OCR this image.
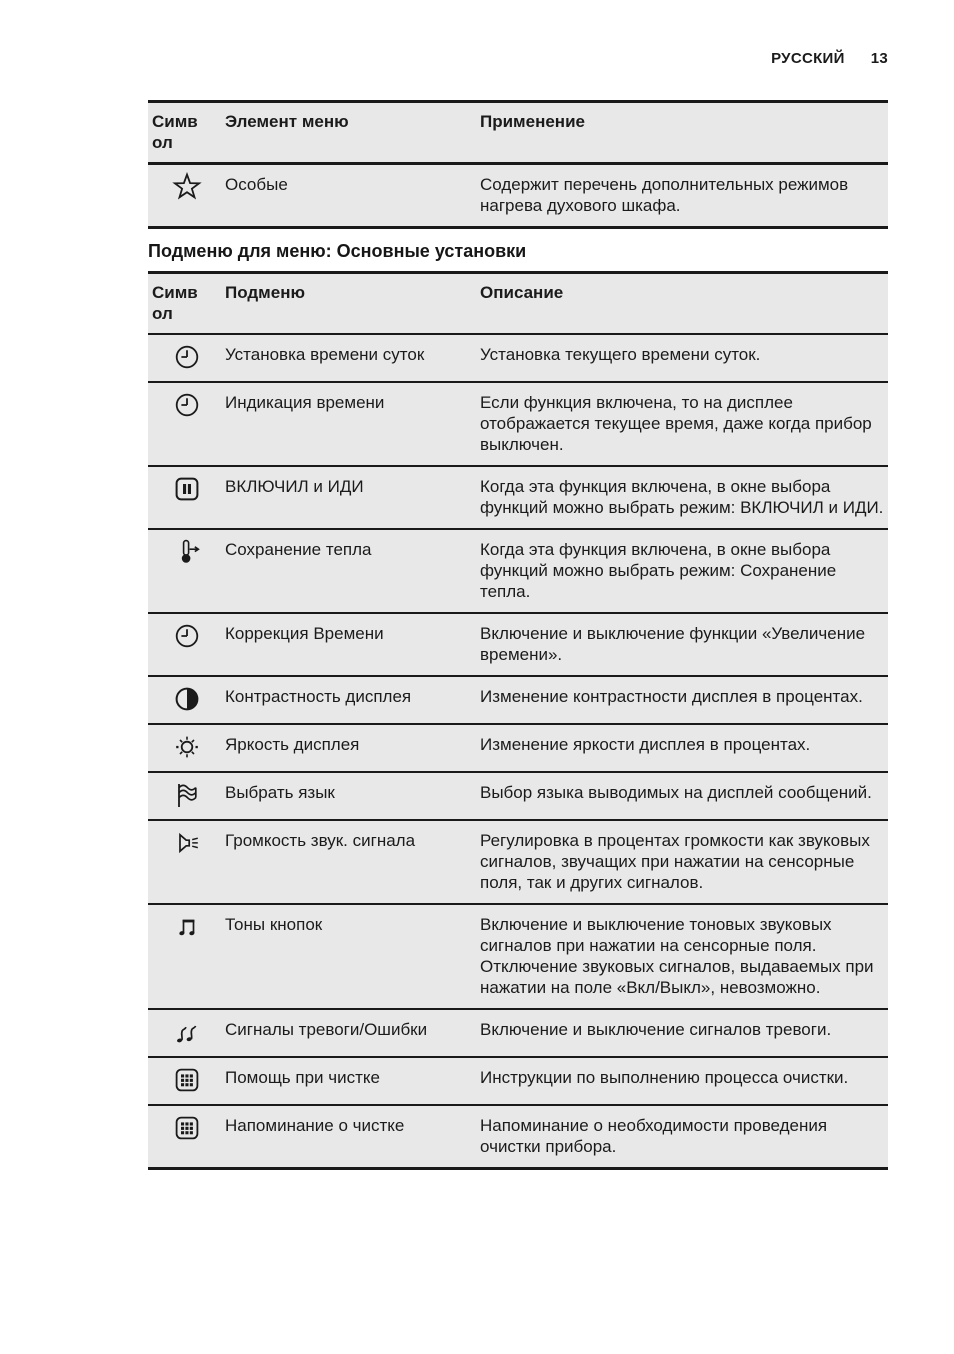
РУССКИЙ 13
Симв ол	Элемент меню	Применение
	Особые	Содержит перечень дополнительных режимов нагрева духового шкафа.
Подменю для меню: Основные установки
Симв ол	Подменю	Описание
	Установка времени суток	Установка текущего времени суток.
	Индикация времени	Если функция включена, то на дисплее отображается текущее время, даже когда прибор выключен.
	ВКЛЮЧИЛ и ИДИ	Когда эта функция включена, в окне выбора функций можно выбрать режим: ВКЛЮЧИЛ и ИДИ.
	Сохранение тепла	Когда эта функция включена, в окне выбора функций можно выбрать режим: Сохранение тепла.
	Коррекция Времени	Включение и выключение функции «Увеличение времени».
	Контрастность дисплея	Изменение контрастности дисплея в процентах.
	Яркость дисплея	Изменение яркости дисплея в процентах.
	Выбрать язык	Выбор языка выводимых на дисплей сообщений.
	Громкость звук. сигнала	Регулировка в процентах громкости как звуковых сигналов, звучащих при нажатии на сенсорные поля, так и других сигналов.
	Тоны кнопок	Включение и выключение тоновых звуковых сигналов при нажатии на сенсорные поля. Отключение звуковых сигналов, выдаваемых при нажатии на поле «Вкл/Выкл», невозможно.
	Сигналы тревоги/Ошибки	Включение и выключение сигналов тревоги.
	Помощь при чистке	Инструкции по выполнению процесса очистки.
	Напоминание о чистке	Напоминание о необходимости проведения очистки прибора.
